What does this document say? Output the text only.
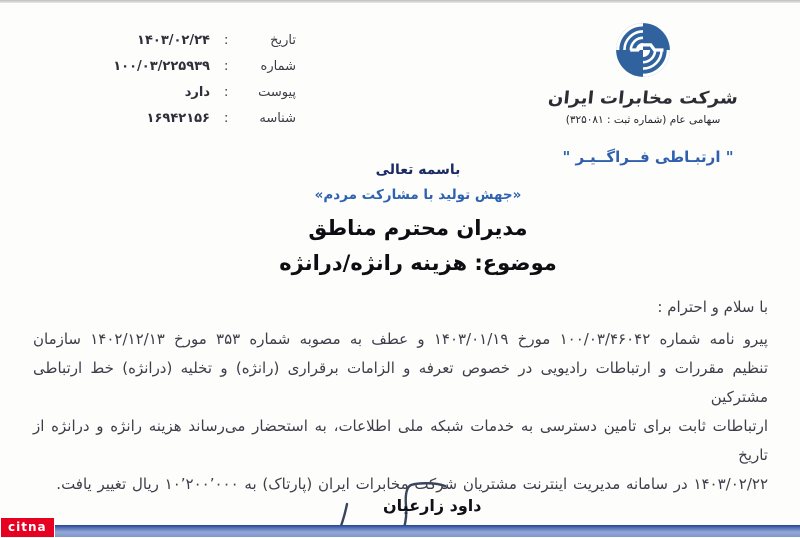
تاریخ
:
۱۴۰۳/۰۲/۲۴
شماره
:
۱۰۰/۰۳/۲۲۵۹۳۹
پیوست
:
دارد
شناسه
:
۱۶۹۴۲۱۵۶
شرکت مخابرات ایران
سهامی عام (شماره ثبت : ۳۲۵۰۸۱)
" ارتبـاطی فــراگــیـر "
باسمه تعالی
«جهش تولید با مشارکت مردم»
مدیران محترم مناطق
موضوع: هزینه رانژه/درانژه
با سلام و احترام :
پیرو نامه شماره ۱۰۰/۰۳/۴۶۰۴۲ مورخ ۱۴۰۳/۰۱/۱۹ و عطف به مصوبه شماره ۳۵۳ مورخ ۱۴۰۲/۱۲/۱۳ سازمان
تنظیم مقررات و ارتباطات رادیویی در خصوص تعرفه و الزامات برقراری (رانژه) و تخلیه (درانژه) خط ارتباطی مشترکین
ارتباطات ثابت برای تامین دسترسی به خدمات شبکه ملی اطلاعات، به استحضار می‌رساند هزینه رانژه و درانژه از تاریخ
۱۴۰۳/۰۲/۲۲ در سامانه مدیریت اینترنت مشتریان شرکت مخابرات ایران (پارتاک) به ۱۰٬۲۰۰٬۰۰۰ ریال تغییر یافت.
داود زارعیان
citna
